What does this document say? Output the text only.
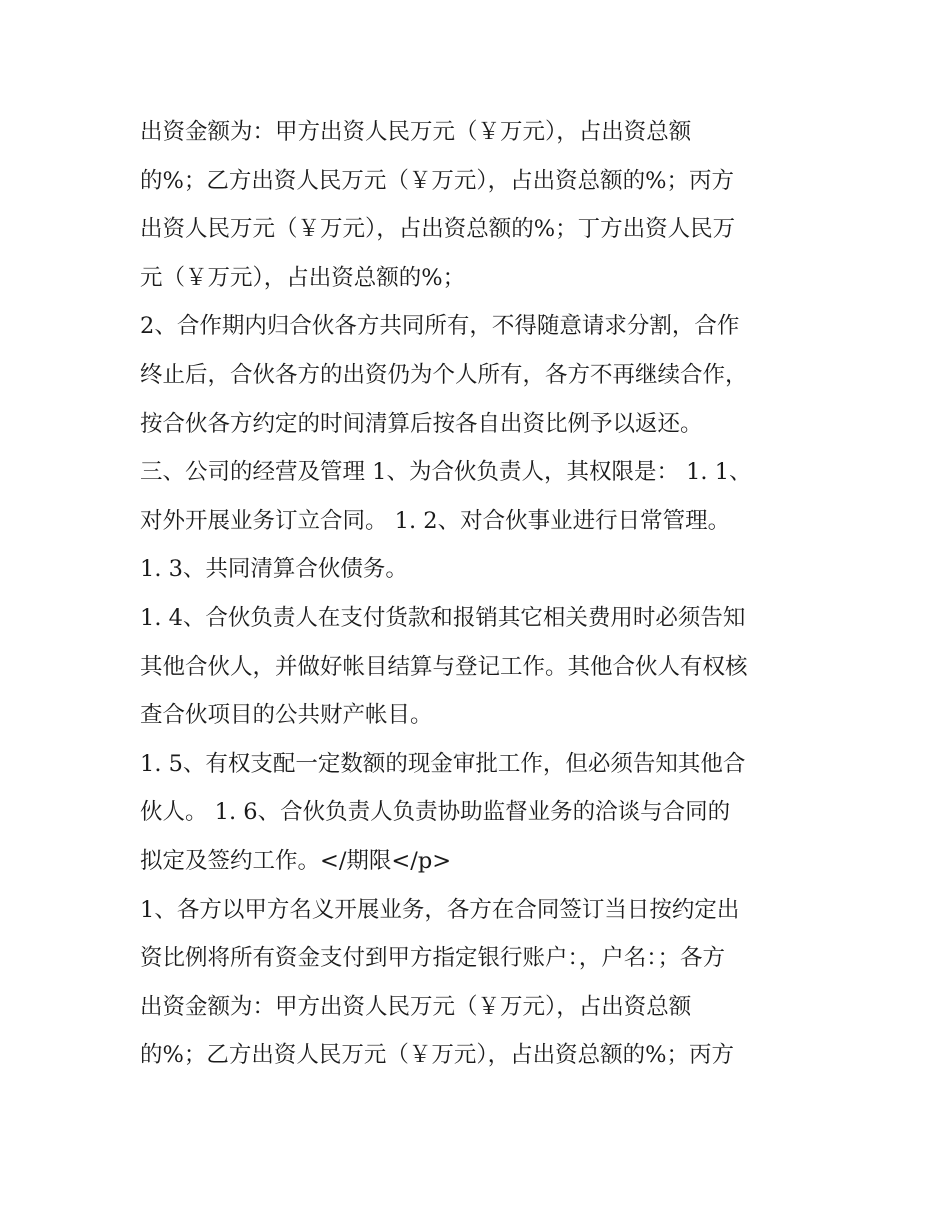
出资金额为：甲方出资人民万元（￥万元），占出资总额
的%；乙方出资人民万元（￥万元），占出资总额的%；丙方
出资人民万元（￥万元），占出资总额的%；丁方出资人民万
元（￥万元），占出资总额的%；
2、合作期内归合伙各方共同所有，不得随意请求分割，合作
终止后，合伙各方的出资仍为个人所有，各方不再继续合作，
按合伙各方约定的时间清算后按各自出资比例予以返还。
三、公司的经营及管理 1、为合伙负责人，其权限是： 1. 1、
对外开展业务订立合同。 1. 2、对合伙事业进行日常管理。
1. 3、共同清算合伙债务。
1. 4、合伙负责人在支付货款和报销其它相关费用时必须告知
其他合伙人，并做好帐目结算与登记工作。其他合伙人有权核
查合伙项目的公共财产帐目。
1. 5、有权支配一定数额的现金审批工作，但必须告知其他合
伙人。 1. 6、合伙负责人负责协助监督业务的洽谈与合同的
拟定及签约工作。</期限</p>
1、各方以甲方名义开展业务，各方在合同签订当日按约定出
资比例将所有资金支付到甲方指定银行账户：，户名：；各方
出资金额为：甲方出资人民万元（￥万元），占出资总额
的%；乙方出资人民万元（￥万元），占出资总额的%；丙方
